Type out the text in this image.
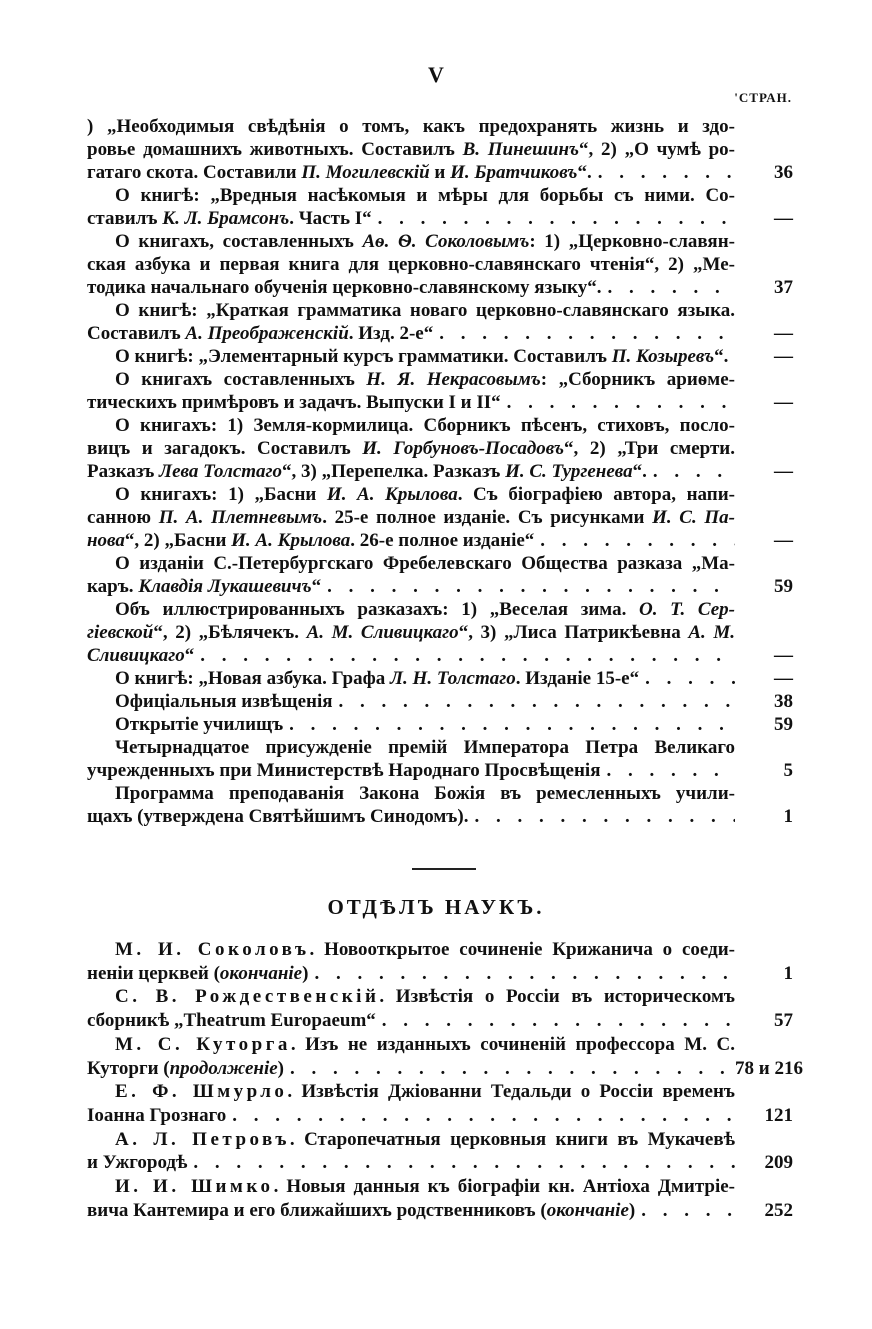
V
'СТРАН.
) „Необходимыя свѣдѣнія о томъ, какъ предохранять жизнь и здо-
ровье домашнихъ животныхъ. Составилъ В. Пинешинъ“, 2) „О чумѣ ро-
гатаго скота. Составили П. Могилевскій и И. Братчиковъ“. . . .	36
О книгѣ: „Вредныя насѣкомыя и мѣры для борьбы съ ними. Со-
ставилъ К. Л. Брамсонъ. Часть I“ . . .	—
О книгахъ, составленныхъ Аѳ. Ѳ. Соколовымъ: 1) „Церковно-славян-
ская азбука и первая книга для церковно-славянскаго чтенія“, 2) „Ме-
тодика начальнаго обученія церковно-славянскому языку“. . . .	37
О книгѣ: „Краткая грамматика новаго церковно-славянскаго языка.
Составилъ А. Преображенскій. Изд. 2-е“ . . .	—
О книгѣ: „Элементарный курсъ грамматики. Составилъ П. Козыревъ“.	—
О книгахъ составленныхъ Н. Я. Некрасовымъ: „Сборникъ ариѳме-
тическихъ примѣровъ и задачъ. Выпуски I и II“ . . .	—
О книгахъ: 1) Земля-кормилица. Сборникъ пѣсенъ, стиховъ, посло-
вицъ и загадокъ. Составилъ И. Горбуновъ-Посадовъ“, 2) „Три смерти.
Разказъ Лева Толстаго“, 3) „Перепелка. Разказъ И. С. Тургенева“. . . .	—
О книгахъ: 1) „Басни И. А. Крылова. Съ біографіею автора, напи-
санною П. А. Плетневымъ. 25-е полное изданіе. Съ рисунками И. С. Па-
нова“, 2) „Басни И. А. Крылова. 26-е полное изданіе“ . . .	—
О изданіи С.-Петербургскаго Фребелевскаго Общества разказа „Ма-
каръ. Клавдія Лукашевичъ“ . . .	59
Объ иллюстрированныхъ разказахъ: 1) „Веселая зима. О. Т. Сер-
гіевской“, 2) „Бѣлячекъ. А. М. Сливицкаго“, 3) „Лиса Патрикѣевна А. М.
Сливицкаго“ . . .	—
О книгѣ: „Новая азбука. Графа Л. Н. Толстаго. Изданіе 15-е“ . . .	—
Офиціальныя извѣщенія . . .	38
Открытіе училищъ . . .	59
Четырнадцатое присужденіе премій Императора Петра Великаго
учрежденныхъ при Министерствѣ Народнаго Просвѣщенія . . .	5
Программа преподаванія Закона Божія въ ремесленныхъ учили-
щахъ (утверждена Святѣйшимъ Синодомъ). . . .	1
ОТДѢЛЪ НАУКЪ.
М. И. Соколовъ. Новооткрытое сочиненіе Крижанича о соеди-
неніи церквей (окончаніе) . . .	1
С. В. Рождественскій. Извѣстія о Россіи въ историческомъ
сборникѣ „Theatrum Europaeum“ . . .	57
М. С. Куторга. Изъ не изданныхъ сочиненій профессора М. С.
Куторги (продолженіе) . . .	78 и 216
Е. Ф. Шмурло. Извѣстія Джіованни Тедальди о Россіи временъ
Іоанна Грознаго . . .	121
А. Л. Петровъ. Старопечатныя церковныя книги въ Мукачевѣ
и Ужгородѣ . . .	209
И. И. Шимко. Новыя данныя къ біографіи кн. Антіоха Дмитріе-
вича Кантемира и его ближайшихъ родственниковъ (окончаніе) . . .	252
